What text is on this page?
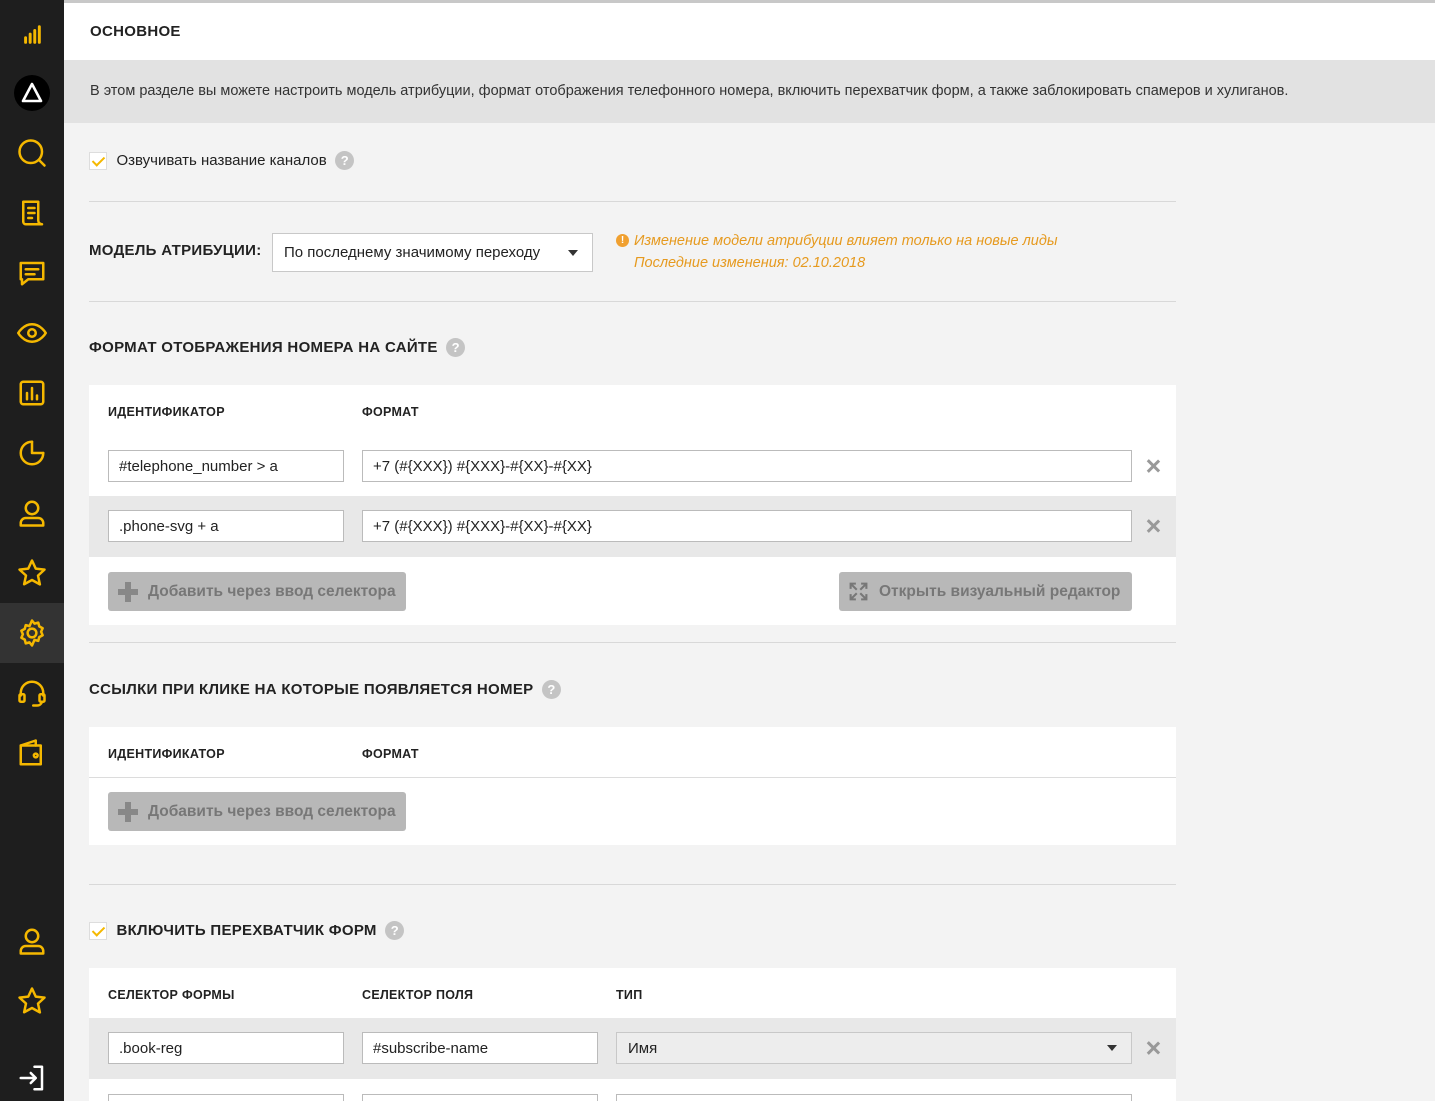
ОСНОВНОЕ
В этом разделе вы можете настроить модель атрибуции, формат отображения телефонного номера, включить перехватчик форм, а также заблокировать спамеров и хулиганов.
Озвучивать название каналов ?
МОДЕЛЬ АТРИБУЦИИ: По последнему значимому переходу
! Изменение модели атрибуции влияет только на новые лиды
Последние изменения: 02.10.2018
ФОРМАТ ОТОБРАЖЕНИЯ НОМЕРА НА САЙТЕ ?
ИДЕНТИФИКАТОР	ФОРМАТ
#telephone_number > a	+7 (#{XXX}) #{XXX}-#{XX}-#{XX}
.phone-svg + a	+7 (#{XXX}) #{XXX}-#{XX}-#{XX}
Добавить через ввод селектора	Открыть визуальный редактор
ССЫЛКИ ПРИ КЛИКЕ НА КОТОРЫЕ ПОЯВЛЯЕТСЯ НОМЕР ?
ИДЕНТИФИКАТОР	ФОРМАТ
Добавить через ввод селектора
ВКЛЮЧИТЬ ПЕРЕХВАТЧИК ФОРМ ?
СЕЛЕКТОР ФОРМЫ	СЕЛЕКТОР ПОЛЯ	ТИП
.book-reg	#subscribe-name	Имя
